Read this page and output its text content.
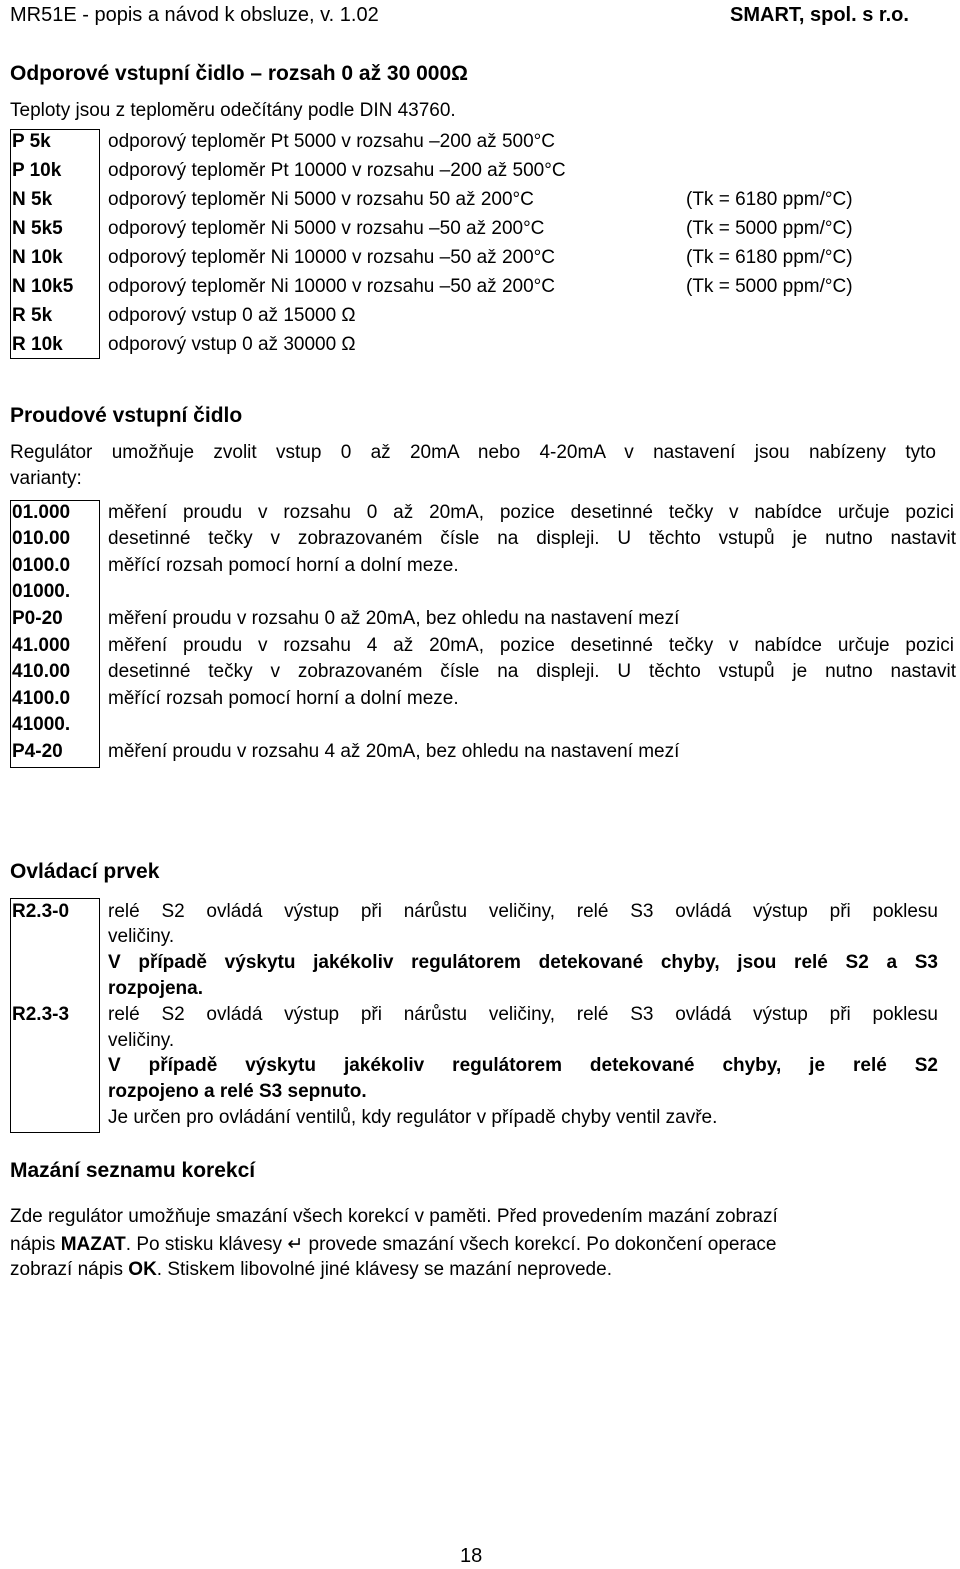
MR51E - popis a návod k obsluze, v. 1.02	SMART, spol. s r.o.
Odporové vstupní čidlo – rozsah 0 až 30 000Ω
Teploty jsou z teploměru odečítány podle DIN 43760.
P 5k
P 10k
N 5k
N 5k5
N 10k
N 10k5
R 5k
R 10k
odporový teploměr Pt 5000 v rozsahu –200 až 500°C
odporový teploměr Pt 10000 v rozsahu –200 až 500°C
odporový teploměr Ni 5000 v rozsahu 50 až 200°C
odporový teploměr Ni 5000 v rozsahu –50 až 200°C
odporový teploměr Ni 10000 v rozsahu –50 až 200°C
odporový teploměr Ni 10000 v rozsahu –50 až 200°C
odporový vstup 0 až 15000 Ω
odporový vstup 0 až 30000 Ω
(Tk = 6180 ppm/°C)
(Tk = 5000 ppm/°C)
(Tk = 6180 ppm/°C)
(Tk = 5000 ppm/°C)
Proudové vstupní čidlo
Regulátor umožňuje zvolit vstup 0 až 20mA nebo 4-20mA v nastavení jsou nabízeny tyto
varianty:
01.000
010.00
0100.0
01000.
P0-20
41.000
410.00
4100.0
41000.
P4-20
měření proudu v rozsahu 0 až 20mA, pozice desetinné tečky v nabídce určuje pozici
desetinné tečky v zobrazovaném čísle na displeji. U těchto vstupů je nutno nastavit
měřící rozsah pomocí horní a dolní meze.
měření proudu v rozsahu 0 až 20mA, bez ohledu na nastavení mezí
měření proudu v rozsahu 4 až 20mA, pozice desetinné tečky v nabídce určuje pozici
desetinné tečky v zobrazovaném čísle na displeji. U těchto vstupů je nutno nastavit
měřící rozsah pomocí horní a dolní meze.
měření proudu v rozsahu 4 až 20mA, bez ohledu na nastavení mezí
Ovládací prvek
R2.3-0
R2.3-3
relé S2 ovládá výstup při nárůstu veličiny, relé S3 ovládá výstup při poklesu
veličiny.
V případě výskytu jakékoliv regulátorem detekované chyby, jsou relé S2 a S3
rozpojena.
relé S2 ovládá výstup při nárůstu veličiny, relé S3 ovládá výstup při poklesu
veličiny.
V případě výskytu jakékoliv regulátorem detekované chyby, je relé S2
rozpojeno a relé S3 sepnuto.
Je určen pro ovládání ventilů, kdy regulátor v případě chyby ventil zavře.
Mazání seznamu korekcí
Zde regulátor umožňuje smazání všech korekcí v paměti. Před provedením mazání zobrazí
nápis MAZAT. Po stisku klávesy ↵ provede smazání všech korekcí. Po dokončení operace
zobrazí nápis OK. Stiskem libovolné jiné klávesy se mazání neprovede.
18
